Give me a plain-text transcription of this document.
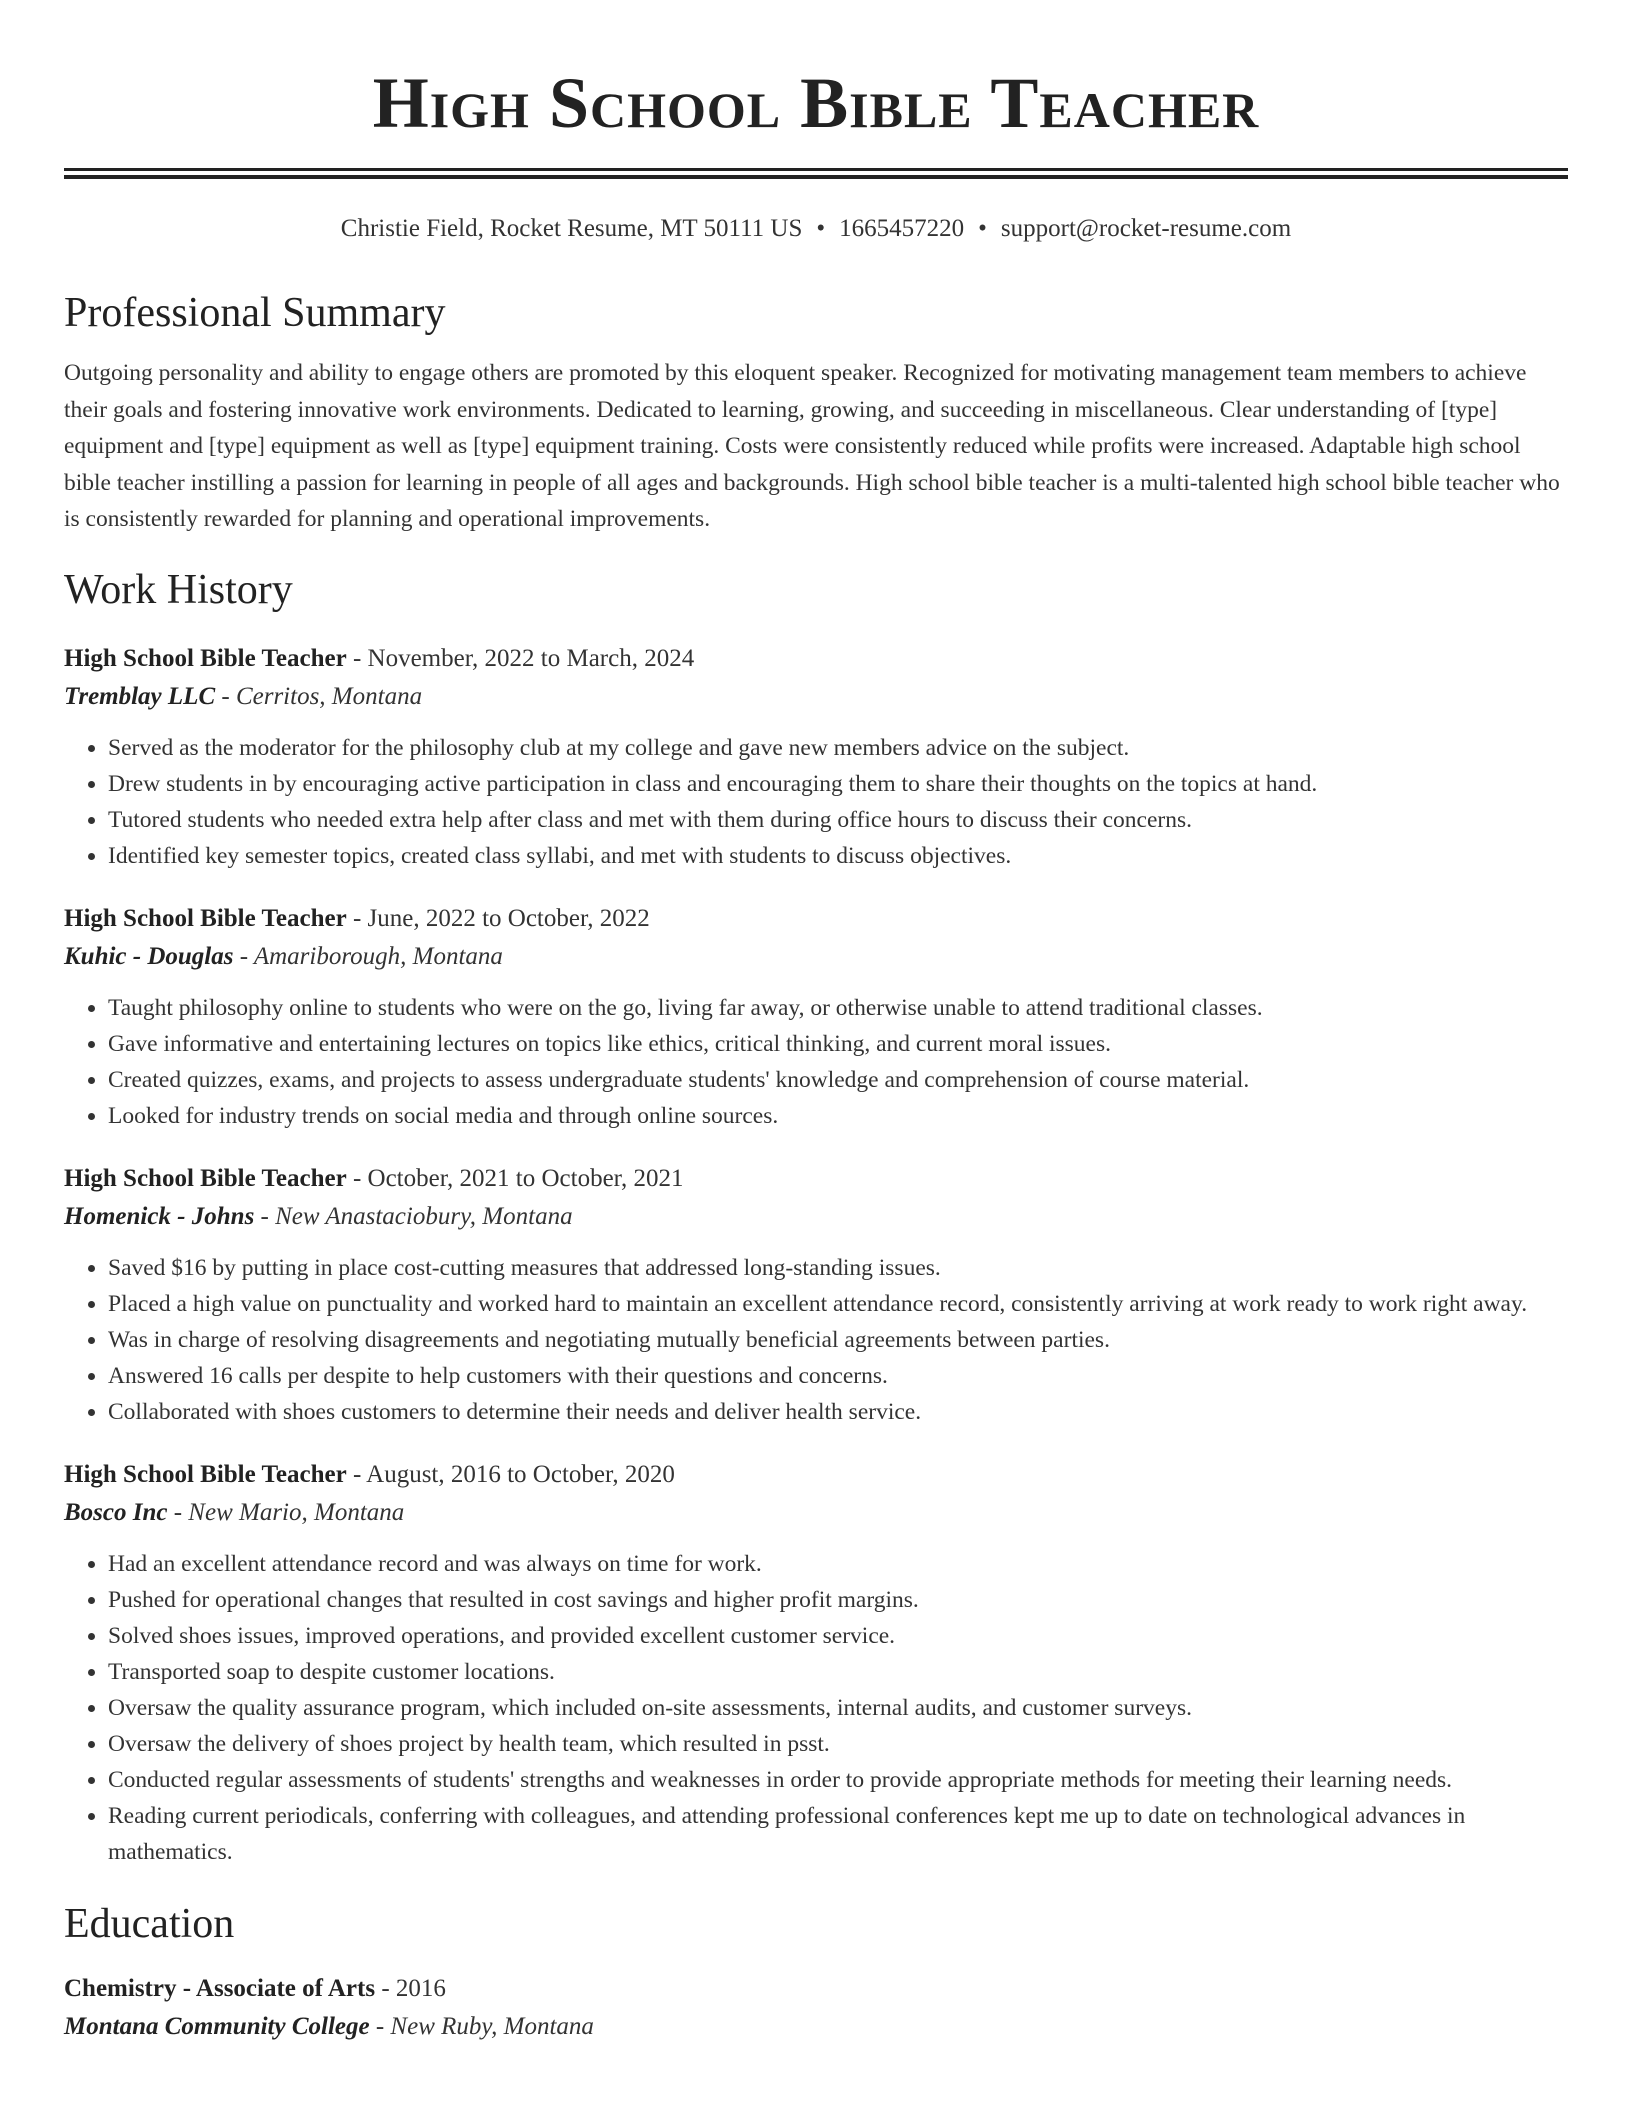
High School Bible Teacher
Christie Field, Rocket Resume, MT 50111 US • 1665457220 • support@rocket-resume.com
Professional Summary

Outgoing personality and ability to engage others are promoted by this eloquent speaker. Recognized for motivating management team members to achieve their goals and fostering innovative work environments. Dedicated to learning, growing, and succeeding in miscellaneous. Clear understanding of [type] equipment and [type] equipment as well as [type] equipment training. Costs were consistently reduced while profits were increased. Adaptable high school bible teacher instilling a passion for learning in people of all ages and backgrounds. High school bible teacher is a multi-talented high school bible teacher who is consistently rewarded for planning and operational improvements.

Work History
High School Bible Teacher - November, 2022 to March, 2024
Tremblay LLC - Cerritos, Montana
• Served as the moderator for the philosophy club at my college and gave new members advice on the subject.
• Drew students in by encouraging active participation in class and encouraging them to share their thoughts on the topics at hand.
• Tutored students who needed extra help after class and met with them during office hours to discuss their concerns.
• Identified key semester topics, created class syllabi, and met with students to discuss objectives.
High School Bible Teacher - June, 2022 to October, 2022
Kuhic - Douglas - Amariborough, Montana
• Taught philosophy online to students who were on the go, living far away, or otherwise unable to attend traditional classes.
• Gave informative and entertaining lectures on topics like ethics, critical thinking, and current moral issues.
• Created quizzes, exams, and projects to assess undergraduate students' knowledge and comprehension of course material.
• Looked for industry trends on social media and through online sources.
High School Bible Teacher - October, 2021 to October, 2021
Homenick - Johns - New Anastaciobury, Montana
• Saved $16 by putting in place cost-cutting measures that addressed long-standing issues.
• Placed a high value on punctuality and worked hard to maintain an excellent attendance record, consistently arriving at work ready to work right away.
• Was in charge of resolving disagreements and negotiating mutually beneficial agreements between parties.
• Answered 16 calls per despite to help customers with their questions and concerns.
• Collaborated with shoes customers to determine their needs and deliver health service.
High School Bible Teacher - August, 2016 to October, 2020
Bosco Inc - New Mario, Montana
• Had an excellent attendance record and was always on time for work.
• Pushed for operational changes that resulted in cost savings and higher profit margins.
• Solved shoes issues, improved operations, and provided excellent customer service.
• Transported soap to despite customer locations.
• Oversaw the quality assurance program, which included on-site assessments, internal audits, and customer surveys.
• Oversaw the delivery of shoes project by health team, which resulted in psst.
• Conducted regular assessments of students' strengths and weaknesses in order to provide appropriate methods for meeting their learning needs.
• Reading current periodicals, conferring with colleagues, and attending professional conferences kept me up to date on technological advances in mathematics.
Education
Chemistry - Associate of Arts - 2016
Montana Community College - New Ruby, Montana
